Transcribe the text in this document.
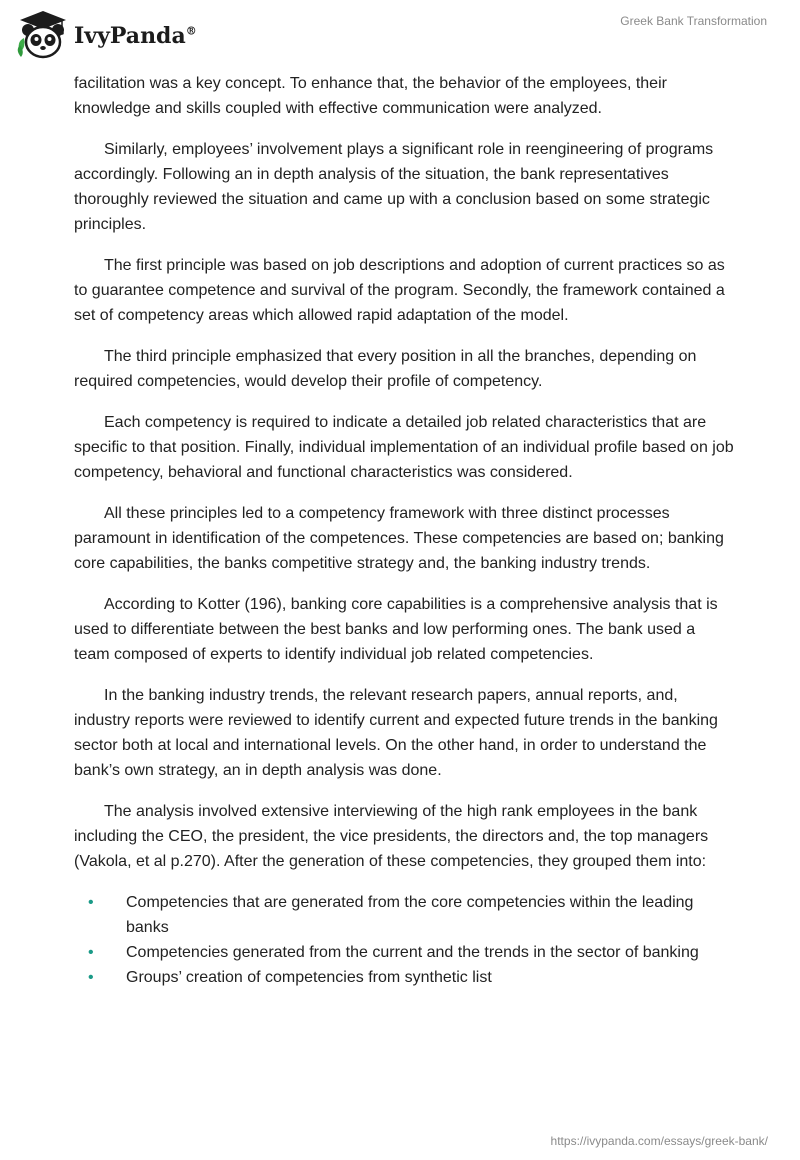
IvyPanda®
Greek Bank Transformation

facilitation was a key concept. To enhance that, the behavior of the employees, their knowledge and skills coupled with effective communication were analyzed.

Similarly, employees’ involvement plays a significant role in reengineering of programs accordingly. Following an in depth analysis of the situation, the bank representatives thoroughly reviewed the situation and came up with a conclusion based on some strategic principles.

The first principle was based on job descriptions and adoption of current practices so as to guarantee competence and survival of the program. Secondly, the framework contained a set of competency areas which allowed rapid adaptation of the model.

The third principle emphasized that every position in all the branches, depending on required competencies, would develop their profile of competency.

Each competency is required to indicate a detailed job related characteristics that are specific to that position. Finally, individual implementation of an individual profile based on job competency, behavioral and functional characteristics was considered.

All these principles led to a competency framework with three distinct processes paramount in identification of the competences. These competencies are based on; banking core capabilities, the banks competitive strategy and, the banking industry trends.

According to Kotter (196), banking core capabilities is a comprehensive analysis that is used to differentiate between the best banks and low performing ones. The bank used a team composed of experts to identify individual job related competencies.

In the banking industry trends, the relevant research papers, annual reports, and, industry reports were reviewed to identify current and expected future trends in the banking sector both at local and international levels. On the other hand, in order to understand the bank’s own strategy, an in depth analysis was done.

The analysis involved extensive interviewing of the high rank employees in the bank including the CEO, the president, the vice presidents, the directors and, the top managers (Vakola, et al p.270). After the generation of these competencies, they grouped them into:

• Competencies that are generated from the core competencies within the leading banks
• Competencies generated from the current and the trends in the sector of banking
• Groups’ creation of competencies from synthetic list
https://ivypanda.com/essays/greek-bank/
